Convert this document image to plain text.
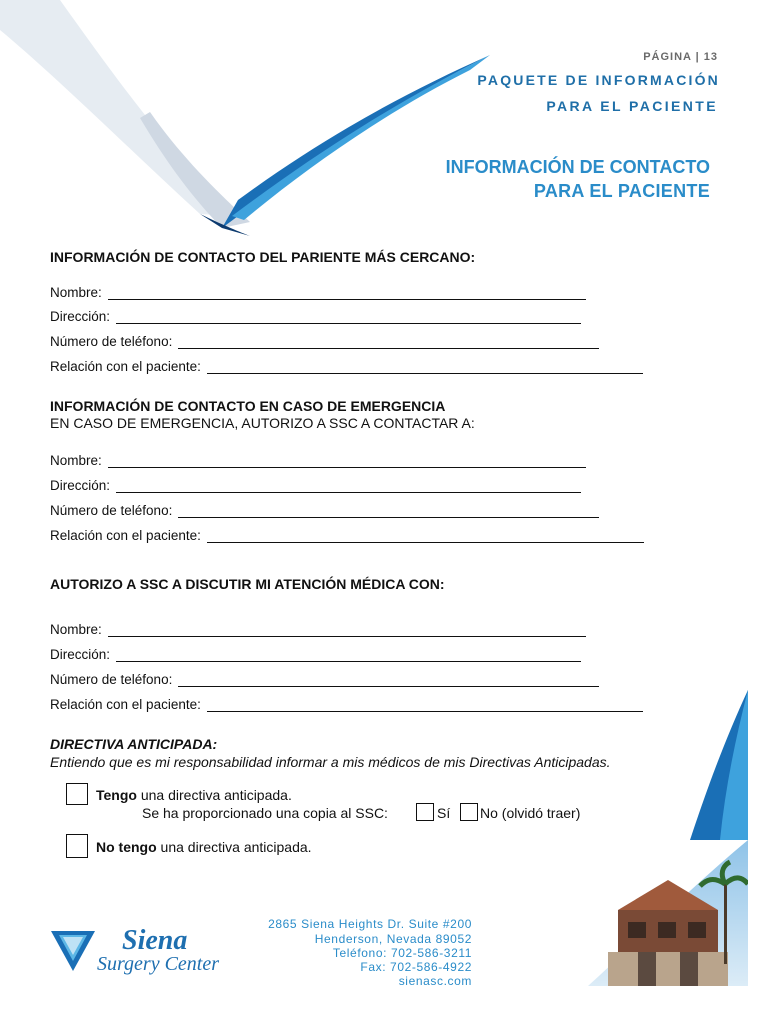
PÁGINA | 13
PAQUETE DE INFORMACIÓN
PARA EL PACIENTE
INFORMACIÓN DE CONTACTO
PARA EL PACIENTE
INFORMACIÓN DE CONTACTO DEL PARIENTE MÁS CERCANO:
Nombre:
Dirección:
Número de teléfono:
Relación con el paciente:
INFORMACIÓN DE CONTACTO EN CASO DE EMERGENCIA
EN CASO DE EMERGENCIA, AUTORIZO A SSC A CONTACTAR A:
Nombre:
Dirección:
Número de teléfono:
Relación con el paciente:
AUTORIZO A SSC A DISCUTIR MI ATENCIÓN MÉDICA CON:
Nombre:
Dirección:
Número de teléfono:
Relación con el paciente:
DIRECTIVA ANTICIPADA:
Entiendo que es mi responsabilidad informar a mis médicos de mis Directivas Anticipadas.
Tengo una directiva anticipada.
Se ha proporcionado una copia al SSC:	Sí No (olvidó traer)
No tengo una directiva anticipada.
Siena
Surgery Center
2865 Siena Heights Dr. Suite #200
Henderson, Nevada 89052
Teléfono: 702-586-3211
Fax: 702-586-4922
sienasc.com
